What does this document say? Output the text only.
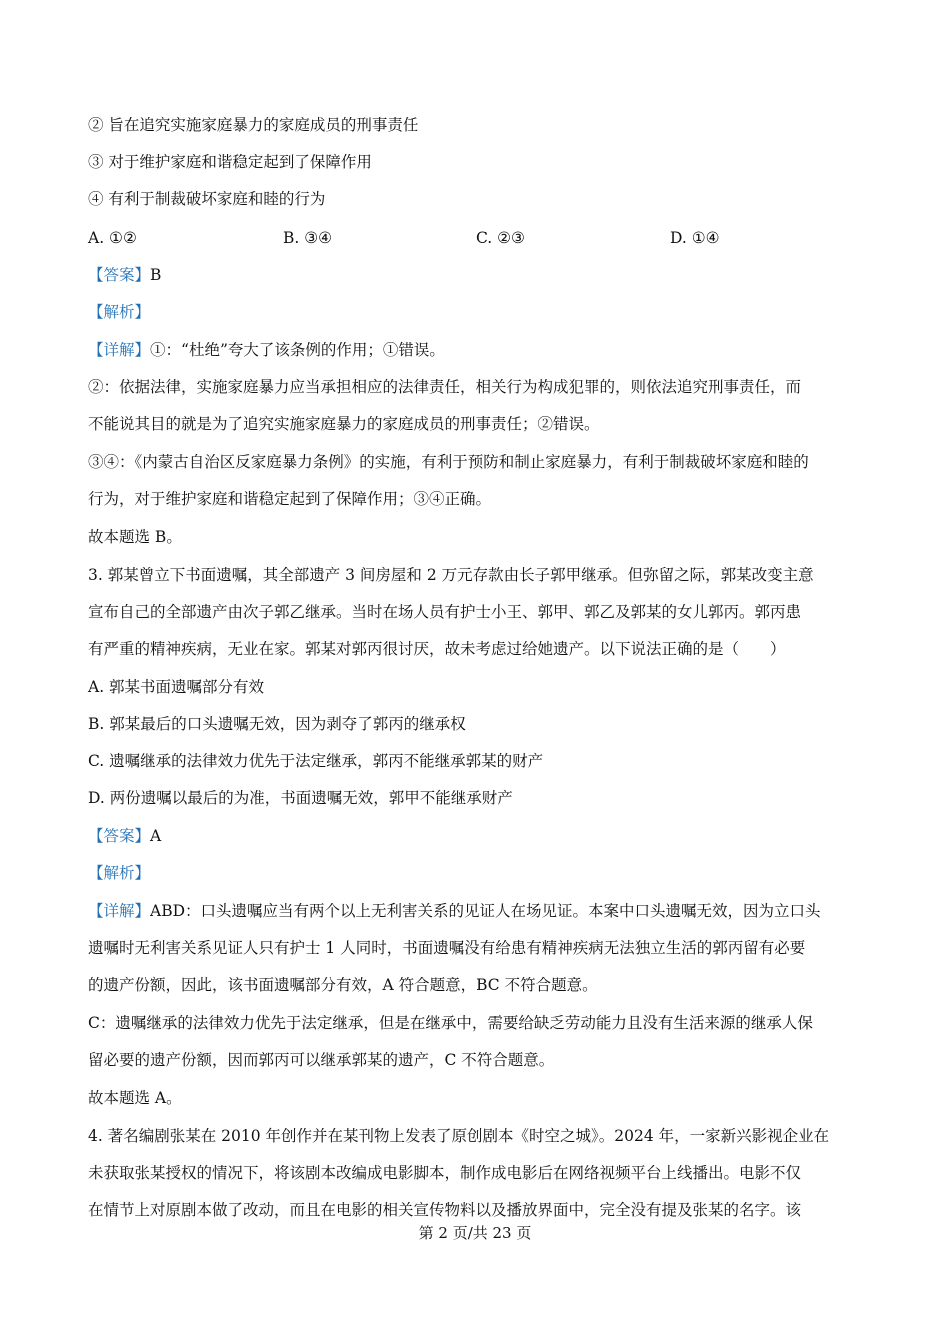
② 旨在追究实施家庭暴力的家庭成员的刑事责任
③ 对于维护家庭和谐稳定起到了保障作用
④ 有利于制裁破坏家庭和睦的行为
A. ①②	B. ③④	C. ②③	D. ①④
【答案】B
【解析】
【详解】①：“杜绝”夸大了该条例的作用；①错误。
②：依据法律，实施家庭暴力应当承担相应的法律责任，相关行为构成犯罪的，则依法追究刑事责任，而
不能说其目的就是为了追究实施家庭暴力的家庭成员的刑事责任；②错误。
③④：《内蒙古自治区反家庭暴力条例》的实施，有利于预防和制止家庭暴力，有利于制裁破坏家庭和睦的
行为，对于维护家庭和谐稳定起到了保障作用；③④正确。
故本题选 B。
3. 郭某曾立下书面遗嘱，其全部遗产 3 间房屋和 2 万元存款由长子郭甲继承。但弥留之际，郭某改变主意
宣布自己的全部遗产由次子郭乙继承。当时在场人员有护士小王、郭甲、郭乙及郭某的女儿郭丙。郭丙患
有严重的精神疾病，无业在家。郭某对郭丙很讨厌，故未考虑过给她遗产。以下说法正确的是（　　）
A. 郭某书面遗嘱部分有效
B. 郭某最后的口头遗嘱无效，因为剥夺了郭丙的继承权
C. 遗嘱继承的法律效力优先于法定继承，郭丙不能继承郭某的财产
D. 两份遗嘱以最后的为准，书面遗嘱无效，郭甲不能继承财产
【答案】A
【解析】
【详解】ABD：口头遗嘱应当有两个以上无利害关系的见证人在场见证。本案中口头遗嘱无效，因为立口头
遗嘱时无利害关系见证人只有护士 1 人同时，书面遗嘱没有给患有精神疾病无法独立生活的郭丙留有必要
的遗产份额，因此，该书面遗嘱部分有效，A 符合题意，BC 不符合题意。
C：遗嘱继承的法律效力优先于法定继承，但是在继承中，需要给缺乏劳动能力且没有生活来源的继承人保
留必要的遗产份额，因而郭丙可以继承郭某的遗产，C 不符合题意。
故本题选 A。
4. 著名编剧张某在 2010 年创作并在某刊物上发表了原创剧本《时空之城》。2024 年，一家新兴影视企业在
未获取张某授权的情况下，将该剧本改编成电影脚本，制作成电影后在网络视频平台上线播出。电影不仅
在情节上对原剧本做了改动，而且在电影的相关宣传物料以及播放界面中，完全没有提及张某的名字。该
第 2 页/共 23 页
